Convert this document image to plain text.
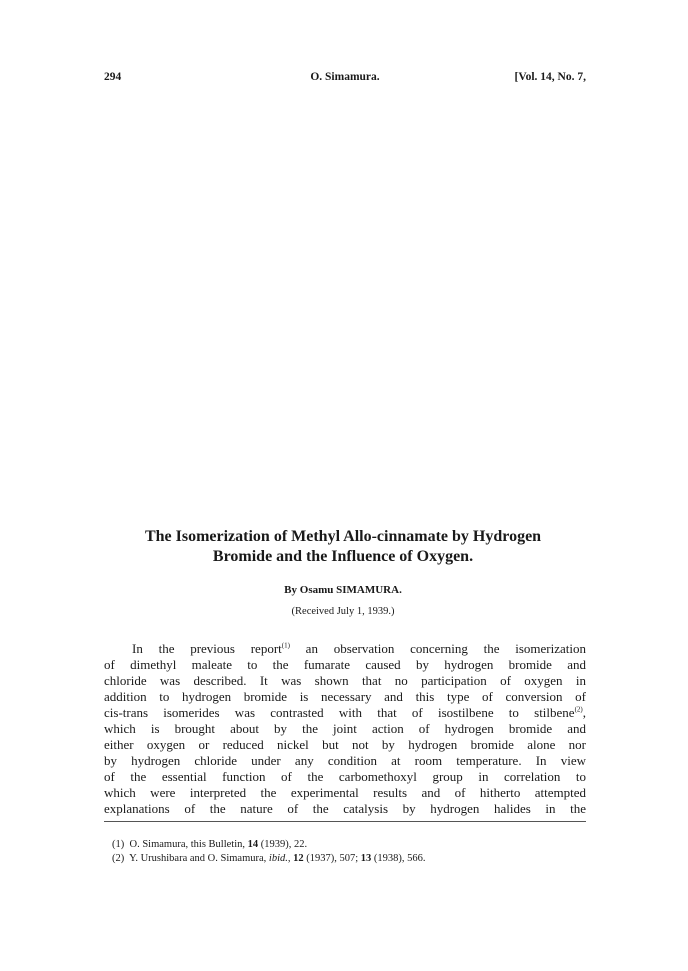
294	O. Simamura.	[Vol. 14, No. 7,
The Isomerization of Methyl Allo-cinnamate by Hydrogen
Bromide and the Influence of Oxygen.
By Osamu SIMAMURA.
(Received July 1, 1939.)
In the previous report$^{(1)}$ an observation concerning the isomerization
of dimethyl maleate to the fumarate caused by hydrogen bromide and
chloride was described. It was shown that no participation of oxygen in
addition to hydrogen bromide is necessary and this type of conversion of
cis-trans isomerides was contrasted with that of isostilbene to stilbene$^{(2)}$,
which is brought about by the joint action of hydrogen bromide and
either oxygen or reduced nickel but not by hydrogen bromide alone nor
by hydrogen chloride under any condition at room temperature. In view
of the essential function of the carbomethoxyl group in correlation to
which were interpreted the experimental results and of hitherto attempted
explanations of the nature of the catalysis by hydrogen halides in the
(1) O. Simamura, this Bulletin, 14 (1939), 22.
(2) Y. Urushibara and O. Simamura, ibid., 12 (1937), 507; 13 (1938), 566.
